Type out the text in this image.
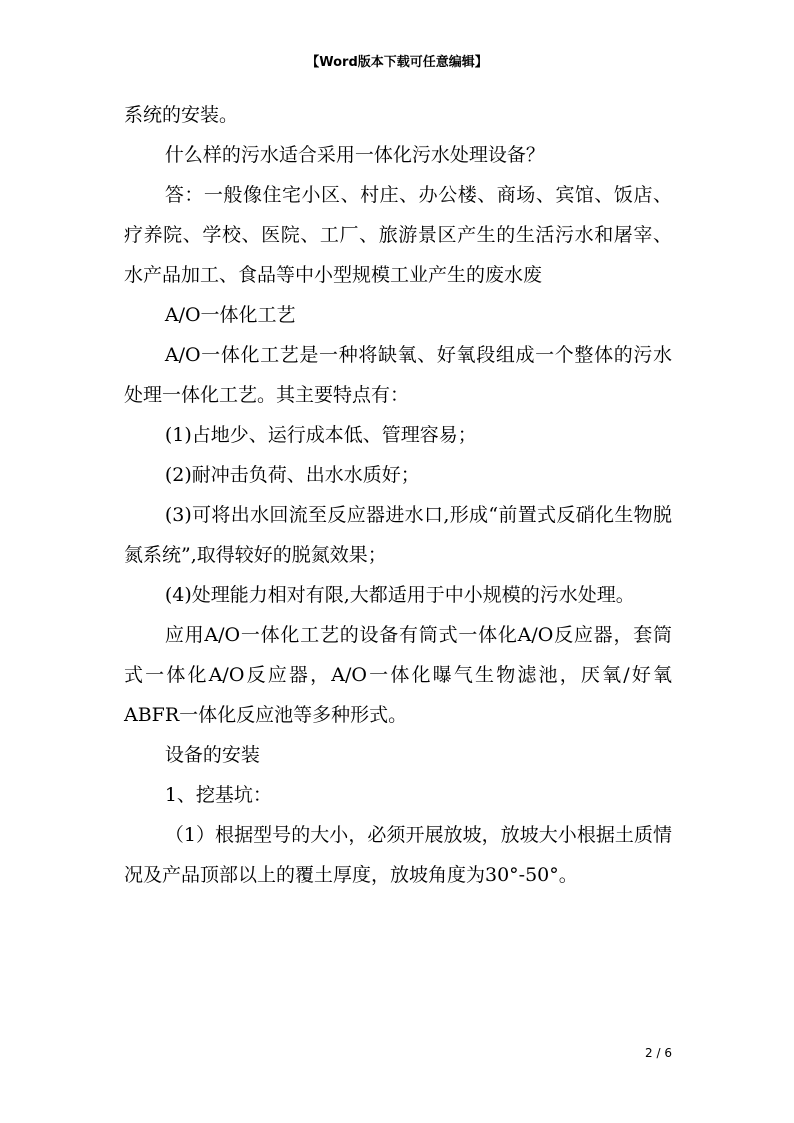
【Word版本下载可任意编辑】

系统的安装。

什么样的污水适合采用一体化污水处理设备？

答：一般像住宅小区、村庄、办公楼、商场、宾馆、饭店、疗养院、学校、医院、工厂、旅游景区产生的生活污水和屠宰、水产品加工、食品等中小型规模工业产生的废水废

A/O一体化工艺

A/O一体化工艺是一种将缺氧、好氧段组成一个整体的污水处理一体化工艺。其主要特点有：

(1)占地少、运行成本低、管理容易；

(2)耐冲击负荷、出水水质好；

(3)可将出水回流至反应器进水口,形成“前置式反硝化生物脱氮系统”,取得较好的脱氮效果；

(4)处理能力相对有限,大都适用于中小规模的污水处理。

应用A/O一体化工艺的设备有筒式一体化A/O反应器，套筒式一体化A/O反应器，A/O一体化曝气生物滤池，厌氧/好氧ABFR一体化反应池等多种形式。

设备的安装

1、挖基坑：

（1）根据型号的大小，必须开展放坡，放坡大小根据土质情况及产品顶部以上的覆土厚度，放坡角度为30°-50°。

2 / 6
